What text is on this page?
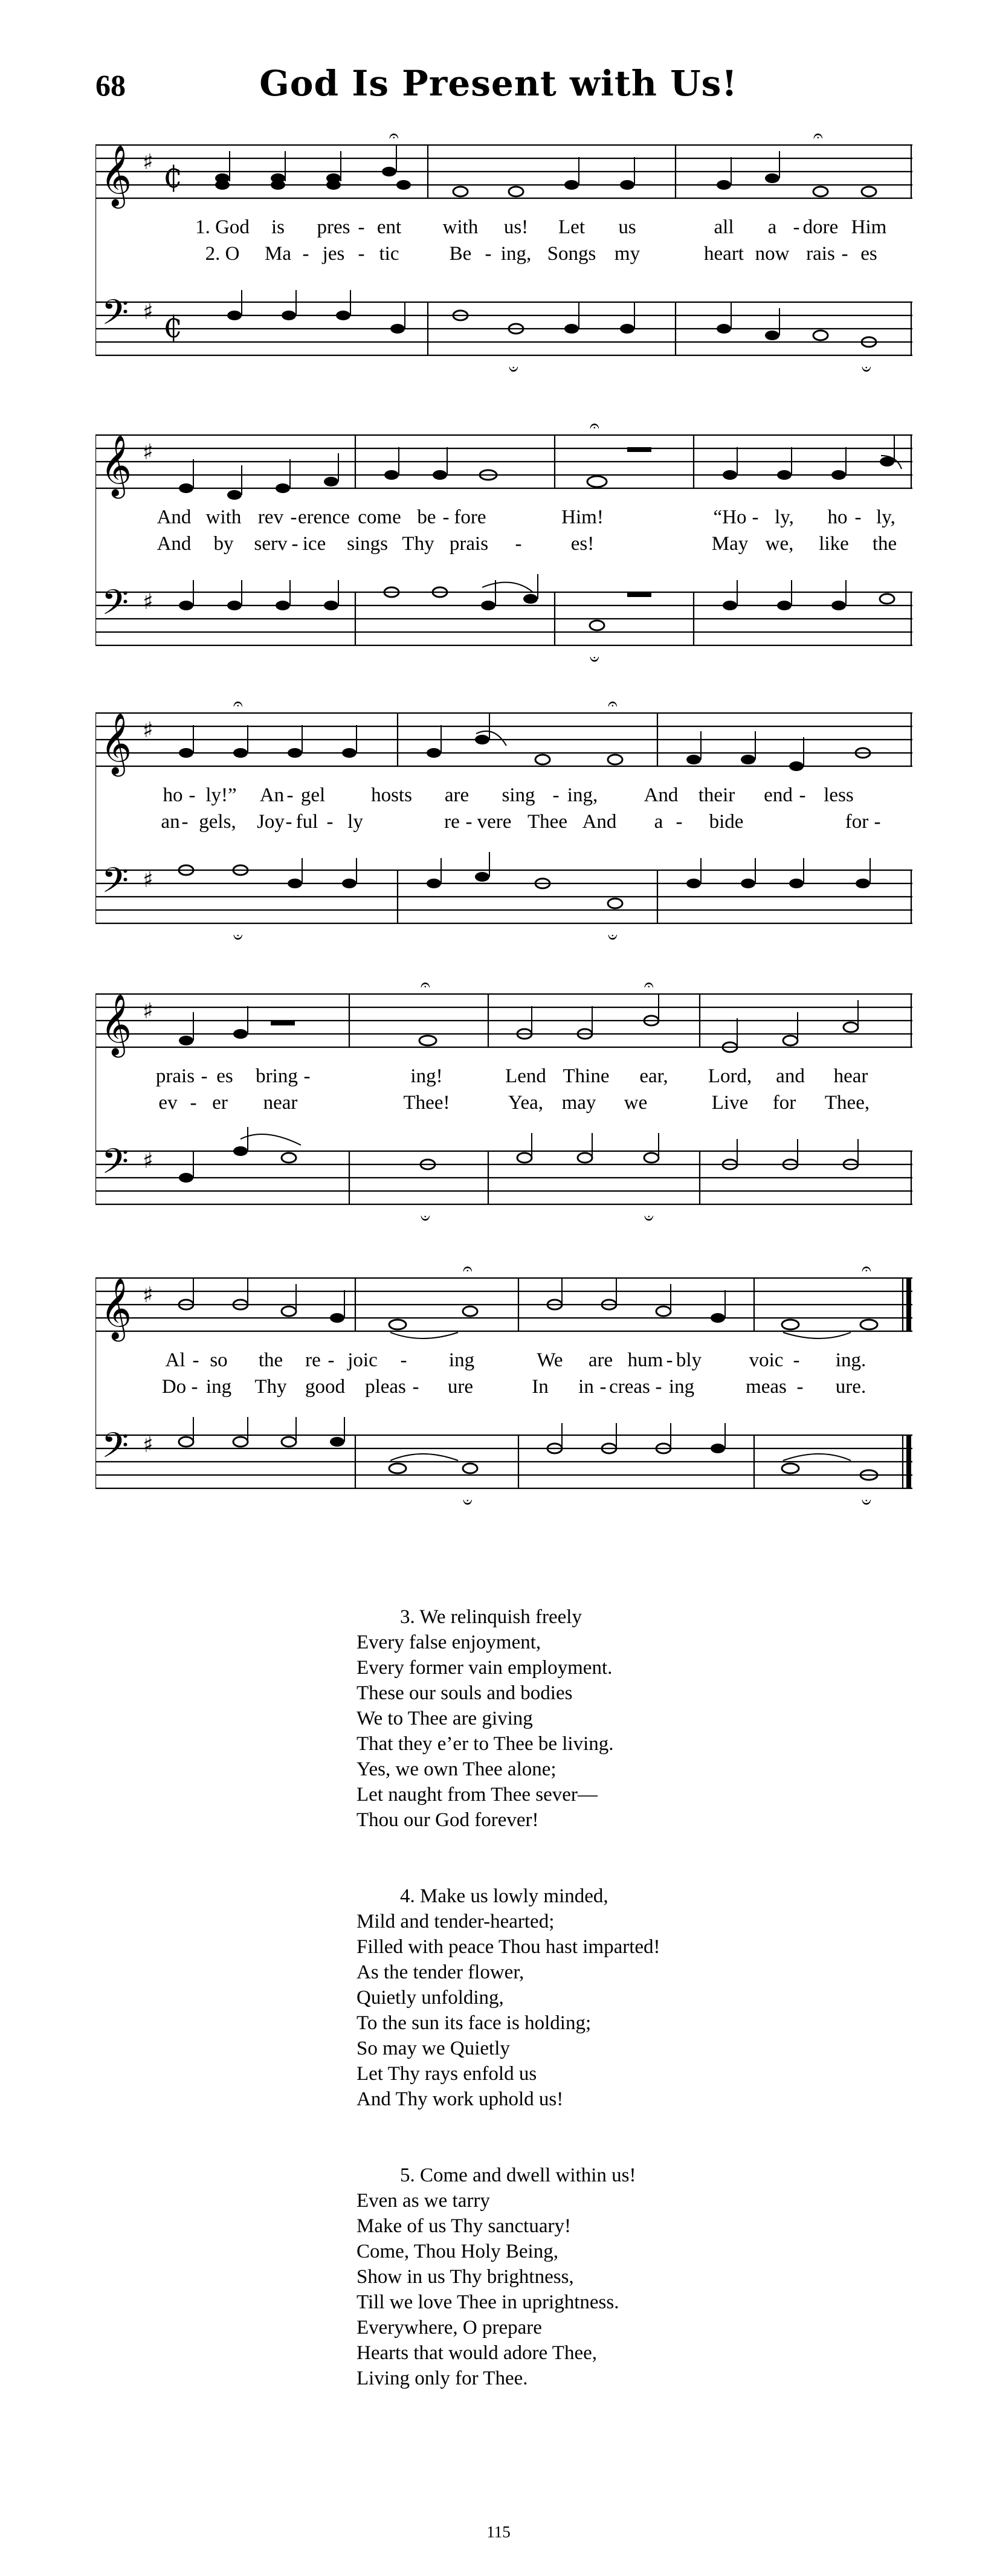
68	God Is Present with Us!
𝄞
𝄢
♯
♯
₵
₵
𝄐	𝄐
𝄑	𝄑
1. God is pres - ent with us! Let us	all a - dore Him
2. O Ma - jes - tic	Be - ing, Songs my	heart now rais - es
𝄞
𝄢
♯
♯
𝄐
𝄑
And with rev - erence come be - fore	Him!	“Ho - ly, ho - ly,
And by serv - ice sings Thy prais - es!	May we, like the
𝄞
𝄢
♯
♯
𝄐	𝄐
𝄑	𝄑
ho - ly!” An - gel hosts are sing - ing, And their end - less
an - gels, Joy - ful - ly	re - vere Thee And a - bide	for -
𝄞
𝄢
♯
♯
𝄐	𝄐
𝄑	𝄑
prais - es bring -	ing!	Lend Thine ear, Lord, and hear
ev - er near	Thee!	Yea, may we	Live for Thee,
𝄞
𝄢
♯
♯
𝄐	𝄐
𝄑	𝄑
Al - so the re - joic - ing	We are hum - bly voic - ing.
Do - ing Thy good pleas - ure	In in - creas - ing	meas - ure.
3. We relinquish freely
Every false enjoyment,
Every former vain employment.
These our souls and bodies
We to Thee are giving
That they e’er to Thee be living.
Yes, we own Thee alone;
Let naught from Thee sever—
Thou our God forever!
4. Make us lowly minded,
Mild and tender-hearted;
Filled with peace Thou hast imparted!
As the tender flower,
Quietly unfolding,
To the sun its face is holding;
So may we Quietly
Let Thy rays enfold us
And Thy work uphold us!
5. Come and dwell within us!
Even as we tarry
Make of us Thy sanctuary!
Come, Thou Holy Being,
Show in us Thy brightness,
Till we love Thee in uprightness.
Everywhere, O prepare
Hearts that would adore Thee,
Living only for Thee.
115
